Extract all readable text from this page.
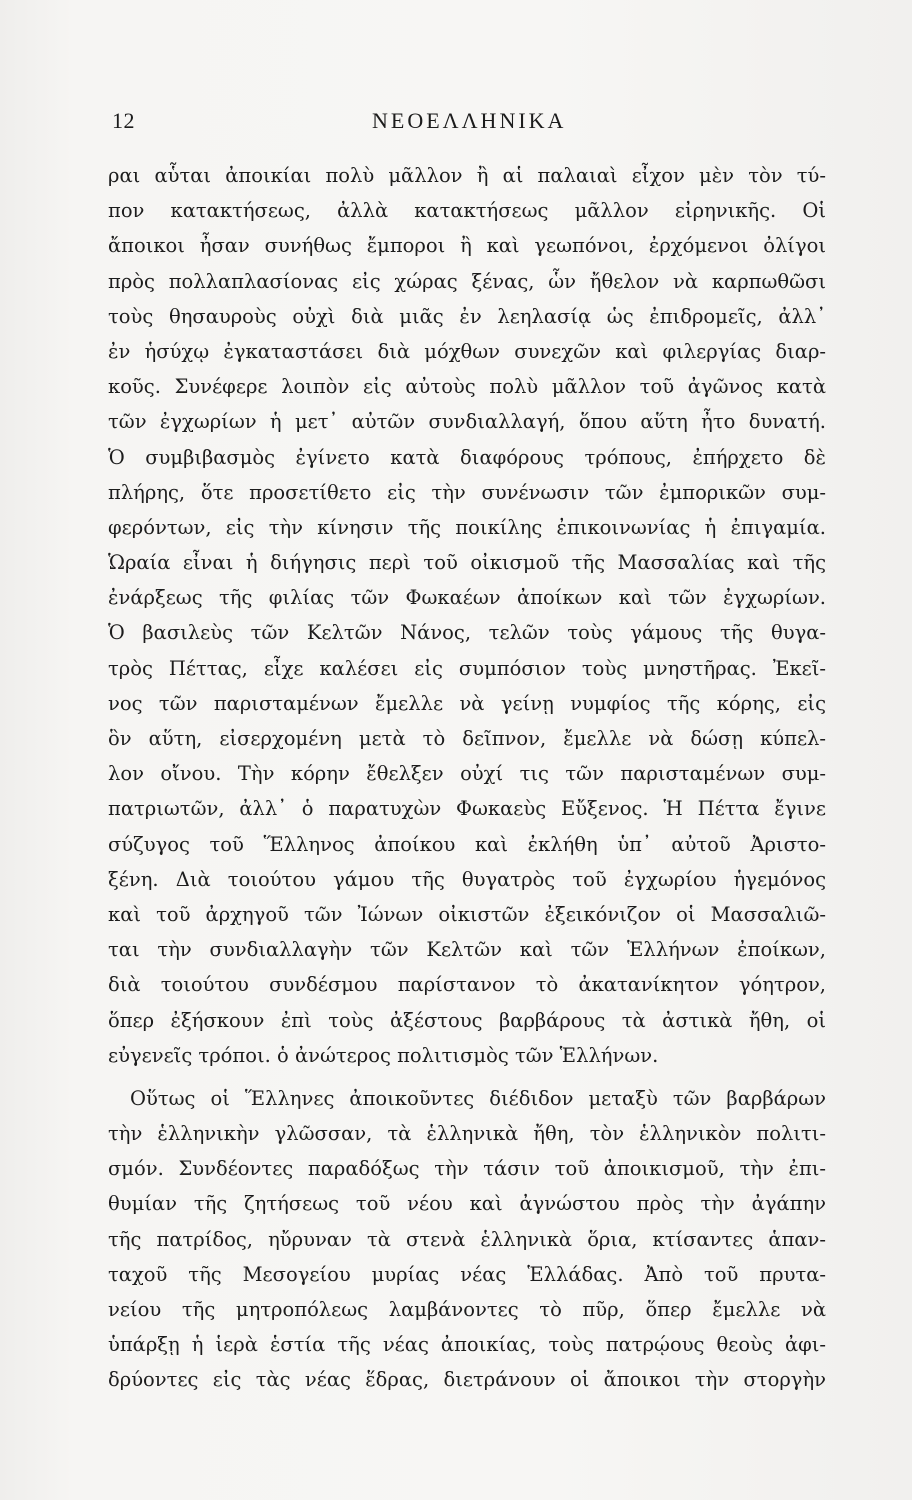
12	ΝΕΟΕΛΛΗΝΙΚΑ
ραι αὗται ἀποικίαι πολὺ μᾶλλον ἢ αἱ παλαιαὶ εἶχον μὲν τὸν τύ-
πον κατακτήσεως, ἀλλὰ κατακτήσεως μᾶλλον εἰρηνικῆς. Οἱ
ἄποικοι ἦσαν συνήθως ἔμποροι ἢ καὶ γεωπόνοι, ἐρχόμενοι ὀλίγοι
πρὸς πολλαπλασίονας εἰς χώρας ξένας, ὧν ἤθελον νὰ καρπωθῶσι
τοὺς θησαυροὺς οὐχὶ διὰ μιᾶς ἐν λεηλασίᾳ ὡς ἐπιδρομεῖς, ἀλλ᾽
ἐν ἡσύχῳ ἐγκαταστάσει διὰ μόχθων συνεχῶν καὶ φιλεργίας διαρ-
κοῦς. Συνέφερε λοιπὸν εἰς αὐτοὺς πολὺ μᾶλλον τοῦ ἀγῶνος κατὰ
τῶν ἐγχωρίων ἡ μετ᾽ αὐτῶν συνδιαλλαγή, ὅπου αὕτη ἦτο δυνατή.
Ὁ συμβιβασμὸς ἐγίνετο κατὰ διαφόρους τρόπους, ἐπήρχετο δὲ
πλήρης, ὅτε προσετίθετο εἰς τὴν συνένωσιν τῶν ἐμπορικῶν συμ-
φερόντων, εἰς τὴν κίνησιν τῆς ποικίλης ἐπικοινωνίας ἡ ἐπιγαμία.
Ὡραία εἶναι ἡ διήγησις περὶ τοῦ οἰκισμοῦ τῆς Μασσαλίας καὶ τῆς
ἐνάρξεως τῆς φιλίας τῶν Φωκαέων ἀποίκων καὶ τῶν ἐγχωρίων.
Ὁ βασιλεὺς τῶν Κελτῶν Νάνος, τελῶν τοὺς γάμους τῆς θυγα-
τρὸς Πέττας, εἶχε καλέσει εἰς συμπόσιον τοὺς μνηστῆρας. Ἐκεῖ-
νος τῶν παρισταμένων ἔμελλε νὰ γείνῃ νυμφίος τῆς κόρης, εἰς
ὃν αὕτη, εἰσερχομένη μετὰ τὸ δεῖπνον, ἔμελλε νὰ δώσῃ κύπελ-
λον οἴνου. Τὴν κόρην ἔθελξεν οὐχί τις τῶν παρισταμένων συμ-
πατριωτῶν, ἀλλ᾽ ὁ παρατυχὼν Φωκαεὺς Εὔξενος. Ἡ Πέττα ἔγινε
σύζυγος τοῦ Ἕλληνος ἀποίκου καὶ ἐκλήθη ὑπ᾽ αὐτοῦ Ἀριστο-
ξένη. Διὰ τοιούτου γάμου τῆς θυγατρὸς τοῦ ἐγχωρίου ἡγεμόνος
καὶ τοῦ ἀρχηγοῦ τῶν Ἰώνων οἰκιστῶν ἐξεικόνιζον οἱ Μασσαλιῶ-
ται τὴν συνδιαλλαγὴν τῶν Κελτῶν καὶ τῶν Ἑλλήνων ἐποίκων,
διὰ τοιούτου συνδέσμου παρίστανον τὸ ἀκατανίκητον γόητρον,
ὅπερ ἐξήσκουν ἐπὶ τοὺς ἀξέστους βαρβάρους τὰ ἀστικὰ ἤθη, οἱ
εὐγενεῖς τρόποι. ὁ ἀνώτερος πολιτισμὸς τῶν Ἑλλήνων.
Οὕτως οἱ Ἕλληνες ἀποικοῦντες διέδιδον μεταξὺ τῶν βαρβάρων
τὴν ἑλληνικὴν γλῶσσαν, τὰ ἑλληνικὰ ἤθη, τὸν ἑλληνικὸν πολιτι-
σμόν. Συνδέοντες παραδόξως τὴν τάσιν τοῦ ἀποικισμοῦ, τὴν ἐπι-
θυμίαν τῆς ζητήσεως τοῦ νέου καὶ ἀγνώστου πρὸς τὴν ἀγάπην
τῆς πατρίδος, ηὔρυναν τὰ στενὰ ἑλληνικὰ ὅρια, κτίσαντες ἁπαν-
ταχοῦ τῆς Μεσογείου μυρίας νέας Ἑλλάδας. Ἀπὸ τοῦ πρυτα-
νείου τῆς μητροπόλεως λαμβάνοντες τὸ πῦρ, ὅπερ ἔμελλε νὰ
ὑπάρξῃ ἡ ἱερὰ ἑστία τῆς νέας ἀποικίας, τοὺς πατρῴους θεοὺς ἀφι-
δρύοντες εἰς τὰς νέας ἕδρας, διετράνουν οἱ ἄποικοι τὴν στοργὴν
